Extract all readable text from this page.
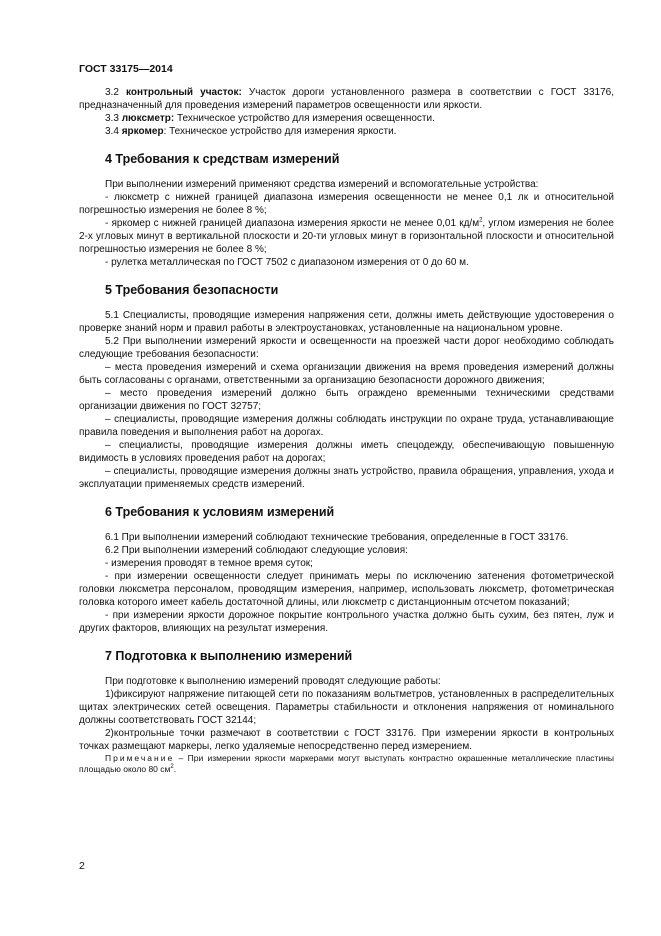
ГОСТ 33175—2014

3.2 контрольный участок: Участок дороги установленного размера в соответствии с ГОСТ 33176, предназначенный для проведения измерений параметров освещенности или яркости.

3.3 люксметр: Техническое устройство для измерения освещенности.

3.4 яркомер: Техническое устройство для измерения яркости.

4 Требования к средствам измерений

При выполнении измерений применяют средства измерений и вспомогательные устройства:

- люксметр с нижней границей диапазона измерения освещенности не менее 0,1 лк и относительной погрешностью измерения не более 8 %;

- яркомер с нижней границей диапазона измерения яркости не менее 0,01 $кд/м^2$, углом измерения не более 2-х угловых минут в вертикальной плоскости и 20-ти угловых минут в горизонтальной плоскости и относительной погрешностью измерения не более 8 %;

- рулетка металлическая по ГОСТ 7502 с диапазоном измерения от 0 до 60 м.

5 Требования безопасности

5.1 Специалисты, проводящие измерения напряжения сети, должны иметь действующие удостоверения о проверке знаний норм и правил работы в электроустановках, установленные на национальном уровне.

5.2 При выполнении измерений яркости и освещенности на проезжей части дорог необходимо соблюдать следующие требования безопасности:

– места проведения измерений и схема организации движения на время проведения измерений должны быть согласованы с органами, ответственными за организацию безопасности дорожного движения;

– место проведения измерений должно быть ограждено временными техническими средствами организации движения по ГОСТ 32757;

– специалисты, проводящие измерения должны соблюдать инструкции по охране труда, устанавливающие правила поведения и выполнения работ на дорогах.

– специалисты, проводящие измерения должны иметь спецодежду, обеспечивающую повышенную видимость в условиях проведения работ на дорогах;

– специалисты, проводящие измерения должны знать устройство, правила обращения, управления, ухода и эксплуатации применяемых средств измерений.

6 Требования к условиям измерений

6.1 При выполнении измерений соблюдают технические требования, определенные в ГОСТ 33176.

6.2 При выполнении измерений соблюдают следующие условия:

- измерения проводят в темное время суток;

- при измерении освещенности следует принимать меры по исключению затенения фотометрической головки люксметра персоналом, проводящим измерения, например, использовать люксметр, фотометрическая головка которого имеет кабель достаточной длины, или люксметр с дистанционным отсчетом показаний;

- при измерении яркости дорожное покрытие контрольного участка должно быть сухим, без пятен, луж и других факторов, влияющих на результат измерения.

7 Подготовка к выполнению измерений

При подготовке к выполнению измерений проводят следующие работы:

1)фиксируют напряжение питающей сети по показаниям вольтметров, установленных в распределительных щитах электрических сетей освещения. Параметры стабильности и отклонения напряжения от номинального должны соответствовать ГОСТ 32144;

2)контрольные точки размечают в соответствии с ГОСТ 33176. При измерении яркости в контрольных точках размещают маркеры, легко удаляемые непосредственно перед измерением.

Примечание – При измерении яркости маркерами могут выступать контрастно окрашенные металлические пластины площадью около 80 $см^2$.

2
